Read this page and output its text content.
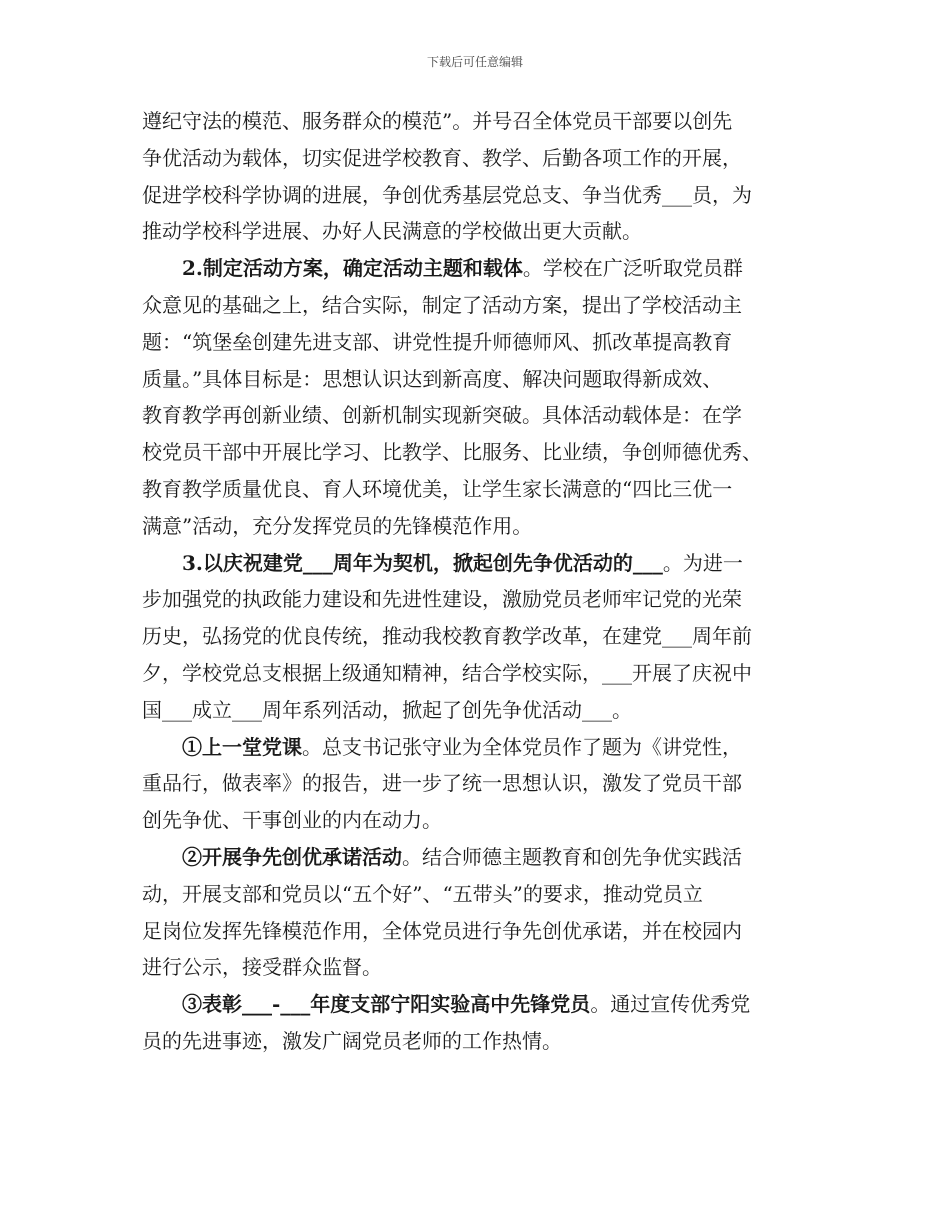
下载后可任意编辑
遵纪守法的模范、服务群众的模范”。并号召全体党员干部要以创先
争优活动为载体，切实促进学校教育、教学、后勤各项工作的开展，
促进学校科学协调的进展，争创优秀基层党总支、争当优秀___员，为
推动学校科学进展、办好人民满意的学校做出更大贡献。
2.制定活动方案，确定活动主题和载体。学校在广泛听取党员群
众意见的基础之上，结合实际，制定了活动方案，提出了学校活动主
题：“筑堡垒创建先进支部、讲党性提升师德师风、抓改革提高教育
质量。”具体目标是：思想认识达到新高度、解决问题取得新成效、
教育教学再创新业绩、创新机制实现新突破。具体活动载体是：在学
校党员干部中开展比学习、比教学、比服务、比业绩，争创师德优秀、
教育教学质量优良、育人环境优美，让学生家长满意的“四比三优一
满意”活动，充分发挥党员的先锋模范作用。
3.以庆祝建党___周年为契机，掀起创先争优活动的___。为进一
步加强党的执政能力建设和先进性建设，激励党员老师牢记党的光荣
历史，弘扬党的优良传统，推动我校教育教学改革，在建党___周年前
夕，学校党总支根据上级通知精神，结合学校实际，___开展了庆祝中
国___成立___周年系列活动，掀起了创先争优活动___。
①上一堂党课。总支书记张守业为全体党员作了题为《讲党性，
重品行，做表率》的报告，进一步了统一思想认识，激发了党员干部
创先争优、干事创业的内在动力。
②开展争先创优承诺活动。结合师德主题教育和创先争优实践活
动，开展支部和党员以“五个好”、“五带头”的要求，推动党员立
足岗位发挥先锋模范作用，全体党员进行争先创优承诺，并在校园内
进行公示，接受群众监督。
③表彰___-___年度支部宁阳实验高中先锋党员。通过宣传优秀党
员的先进事迹，激发广阔党员老师的工作热情。
